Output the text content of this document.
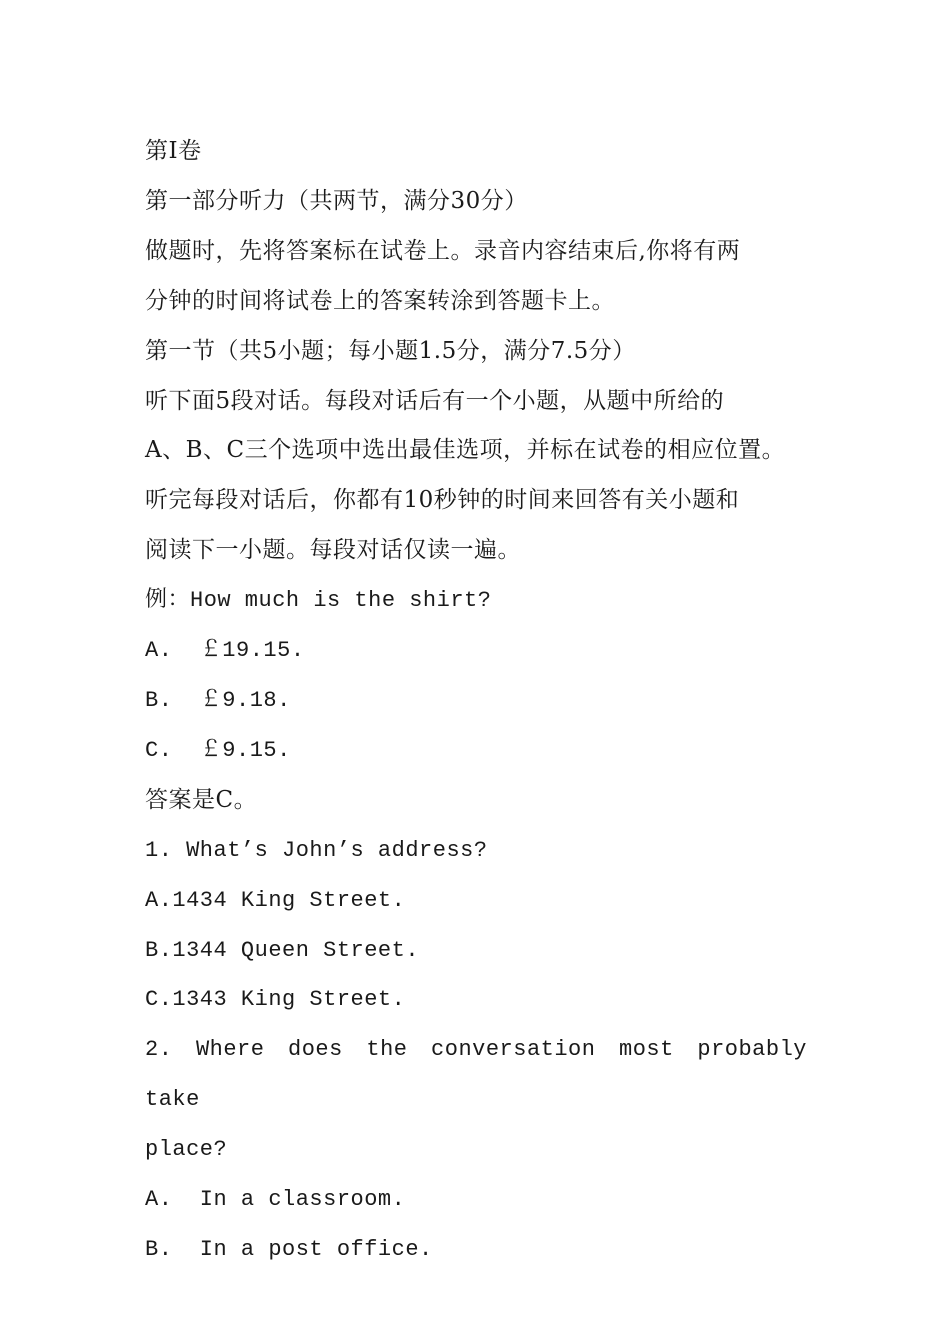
第Ⅰ卷
第一部分听力（共两节，满分30分）
做题时，先将答案标在试卷上。录音内容结束后,你将有两
分钟的时间将试卷上的答案转涂到答题卡上。
第一节（共5小题；每小题1.5分，满分7.5分）
听下面5段对话。每段对话后有一个小题，从题中所给的
A、B、C三个选项中选出最佳选项，并标在试卷的相应位置。
听完每段对话后，你都有10秒钟的时间来回答有关小题和
阅读下一小题。每段对话仅读一遍。
例：How much is the shirt?
A.  ￡19.15.
B.  ￡9.18.
C.  ￡9.15.
答案是C。
1. What’s John’s address?
A.1434 King Street.
B.1344 Queen Street.
C.1343 King Street.
2. Where does the conversation most probably take
place?
A.  In a classroom.
B.  In a post office.
